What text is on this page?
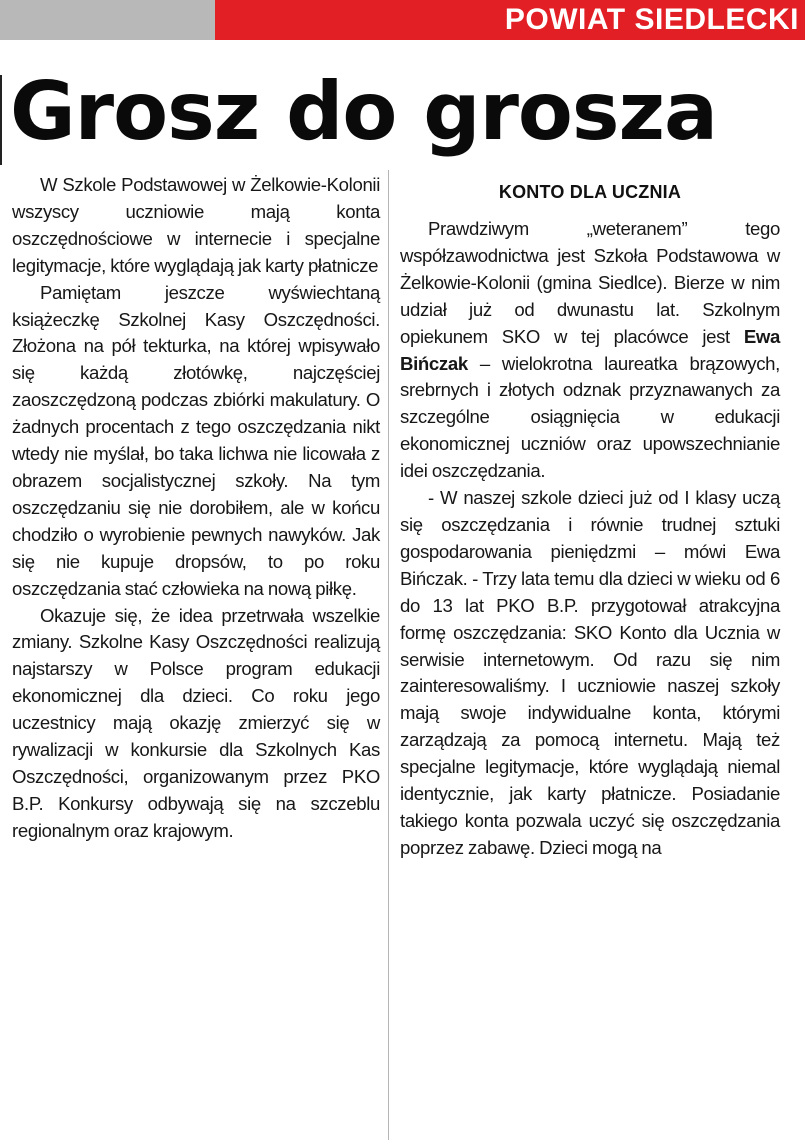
POWIAT SIEDLECKI
Grosz do grosza

W Szkole Podstawowej w Żelkowie-Kolonii wszyscy uczniowie mają konta oszczędnościowe w internecie i specjalne legitymacje, które wyglądają jak karty płatnicze

Pamiętam jeszcze wyświechtaną książeczkę Szkolnej Kasy Oszczędności. Złożona na pół tekturka, na której wpisywało się każdą złotówkę, najczęściej zaoszczędzoną podczas zbiórki makulatury. O żadnych procentach z tego oszczędzania nikt wtedy nie myślał, bo taka lichwa nie licowała z obrazem socjalistycznej szkoły. Na tym oszczędzaniu się nie dorobiłem, ale w końcu chodziło o wyrobienie pewnych nawyków. Jak się nie kupuje dropsów, to po roku oszczędzania stać człowieka na nową piłkę.

Okazuje się, że idea przetrwała wszelkie zmiany. Szkolne Kasy Oszczędności realizują najstarszy w Polsce program edukacji ekonomicznej dla dzieci. Co roku jego uczestnicy mają okazję zmierzyć się w rywalizacji w konkursie dla Szkolnych Kas Oszczędności, organizowanym przez PKO B.P. Konkursy odbywają się na szczeblu regionalnym oraz krajowym.

KONTO DLA UCZNIA

Prawdziwym „weteranem” tego współzawodnictwa jest Szkoła Podstawowa w Żelkowie-Kolonii (gmina Siedlce). Bierze w nim udział już od dwunastu lat. Szkolnym opiekunem SKO w tej placówce jest Ewa Bińczak – wielokrotna laureatka brązowych, srebrnych i złotych odznak przyznawanych za szczególne osiągnięcia w edukacji ekonomicznej uczniów oraz upowszechnianie idei oszczędzania.

- W naszej szkole dzieci już od I klasy uczą się oszczędzania i równie trudnej sztuki gospodarowania pieniędzmi – mówi Ewa Bińczak. - Trzy lata temu dla dzieci w wieku od 6 do 13 lat PKO B.P. przygotował atrakcyjna formę oszczędzania: SKO Konto dla Ucznia w serwisie internetowym. Od razu się nim zainteresowaliśmy. I uczniowie naszej szkoły mają swoje indywidualne konta, którymi zarządzają za pomocą internetu. Mają też specjalne legitymacje, które wyglądają niemal identycznie, jak karty płatnicze. Posiadanie takiego konta pozwala uczyć się oszczędzania poprzez zabawę. Dzieci mogą na
